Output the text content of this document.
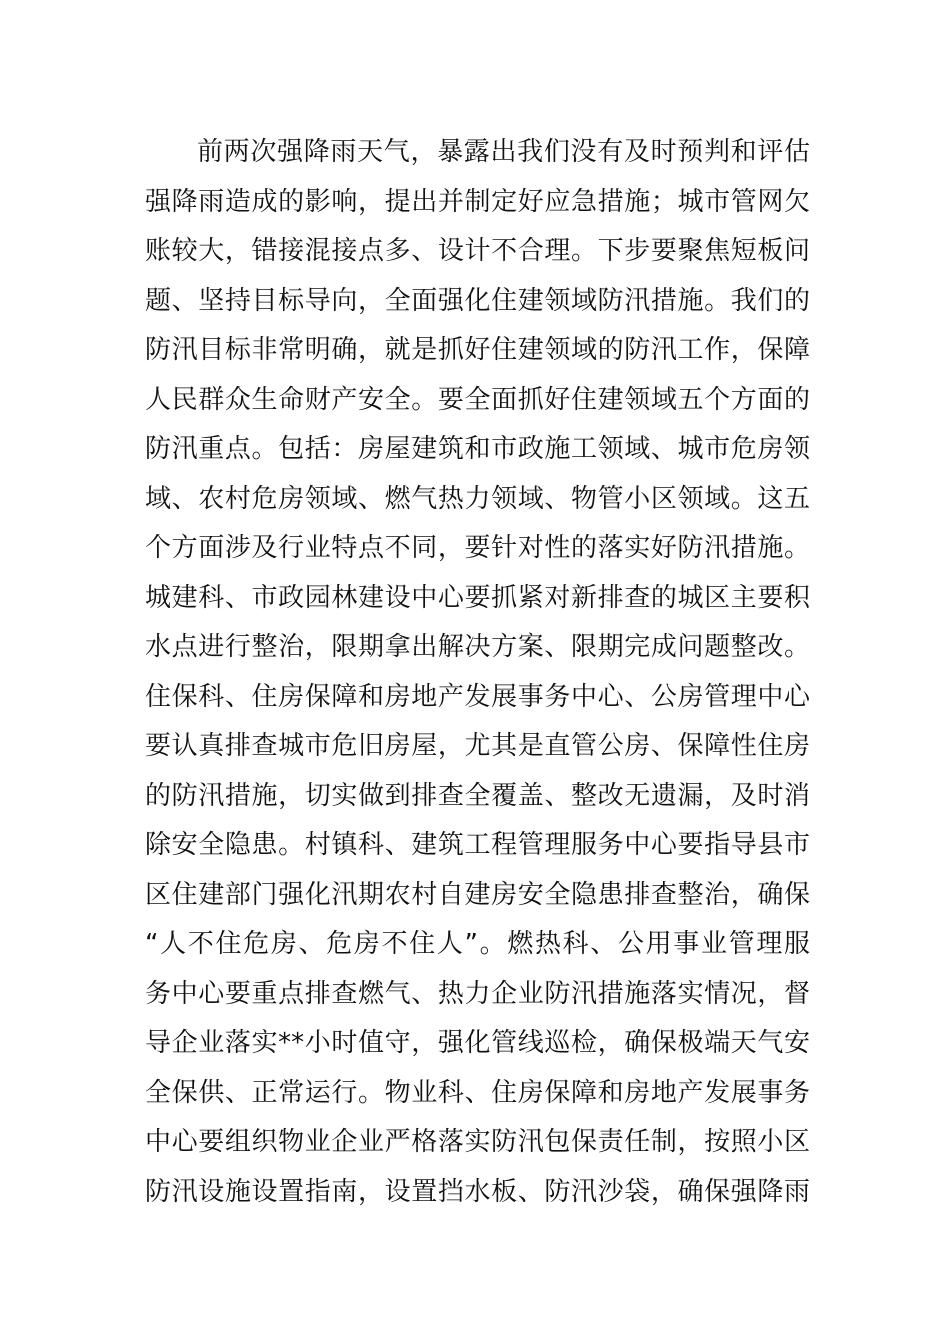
前两次强降雨天气，暴露出我们没有及时预判和评估
强降雨造成的影响，提出并制定好应急措施；城市管网欠
账较大，错接混接点多、设计不合理。下步要聚焦短板问
题、坚持目标导向，全面强化住建领域防汛措施。我们的
防汛目标非常明确，就是抓好住建领域的防汛工作，保障
人民群众生命财产安全。要全面抓好住建领域五个方面的
防汛重点。包括：房屋建筑和市政施工领域、城市危房领
域、农村危房领域、燃气热力领域、物管小区领域。这五
个方面涉及行业特点不同，要针对性的落实好防汛措施。
城建科、市政园林建设中心要抓紧对新排查的城区主要积
水点进行整治，限期拿出解决方案、限期完成问题整改。
住保科、住房保障和房地产发展事务中心、公房管理中心
要认真排查城市危旧房屋，尤其是直管公房、保障性住房
的防汛措施，切实做到排查全覆盖、整改无遗漏，及时消
除安全隐患。村镇科、建筑工程管理服务中心要指导县市
区住建部门强化汛期农村自建房安全隐患排查整治，确保
“人不住危房、危房不住人”。燃热科、公用事业管理服
务中心要重点排查燃气、热力企业防汛措施落实情况，督
导企业落实**小时值守，强化管线巡检，确保极端天气安
全保供、正常运行。物业科、住房保障和房地产发展事务
中心要组织物业企业严格落实防汛包保责任制，按照小区
防汛设施设置指南，设置挡水板、防汛沙袋，确保强降雨
